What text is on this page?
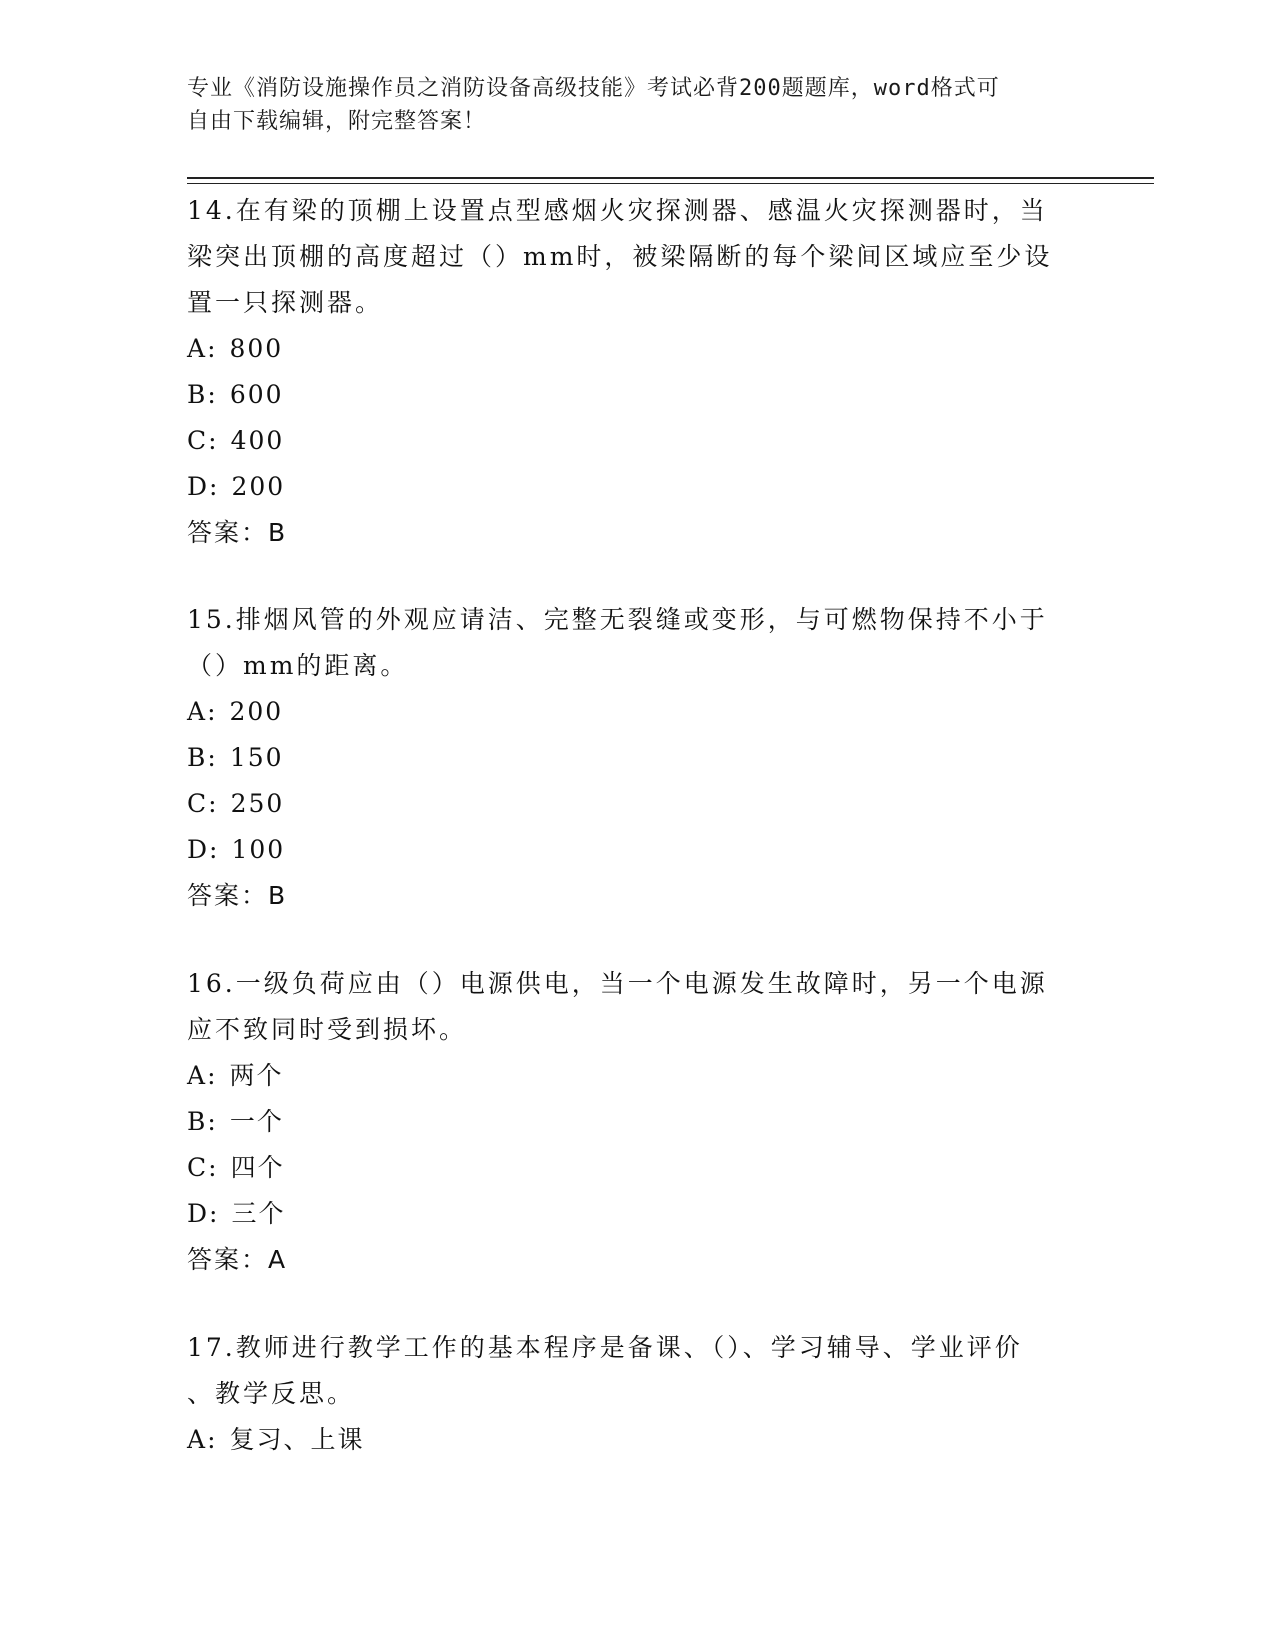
专业《消防设施操作员之消防设备高级技能》考试必背200题题库，word格式可
自由下载编辑，附完整答案！

14.在有梁的顶棚上设置点型感烟火灾探测器、感温火灾探测器时，当

梁突出顶棚的高度超过（）mm时，被梁隔断的每个梁间区域应至少设

置一只探测器。

A: 800

B: 600

C: 400

D: 200

答案：B

15.排烟风管的外观应请洁、完整无裂缝或变形，与可燃物保持不小于

（）mm的距离。

A: 200

B: 150

C: 250

D: 100

答案：B

16.一级负荷应由（）电源供电，当一个电源发生故障时，另一个电源

应不致同时受到损坏。

A: 两个

B: 一个

C: 四个

D: 三个

答案：A

17.教师进行教学工作的基本程序是备课、（）、学习辅导、学业评价

、教学反思。

A: 复习、上课
